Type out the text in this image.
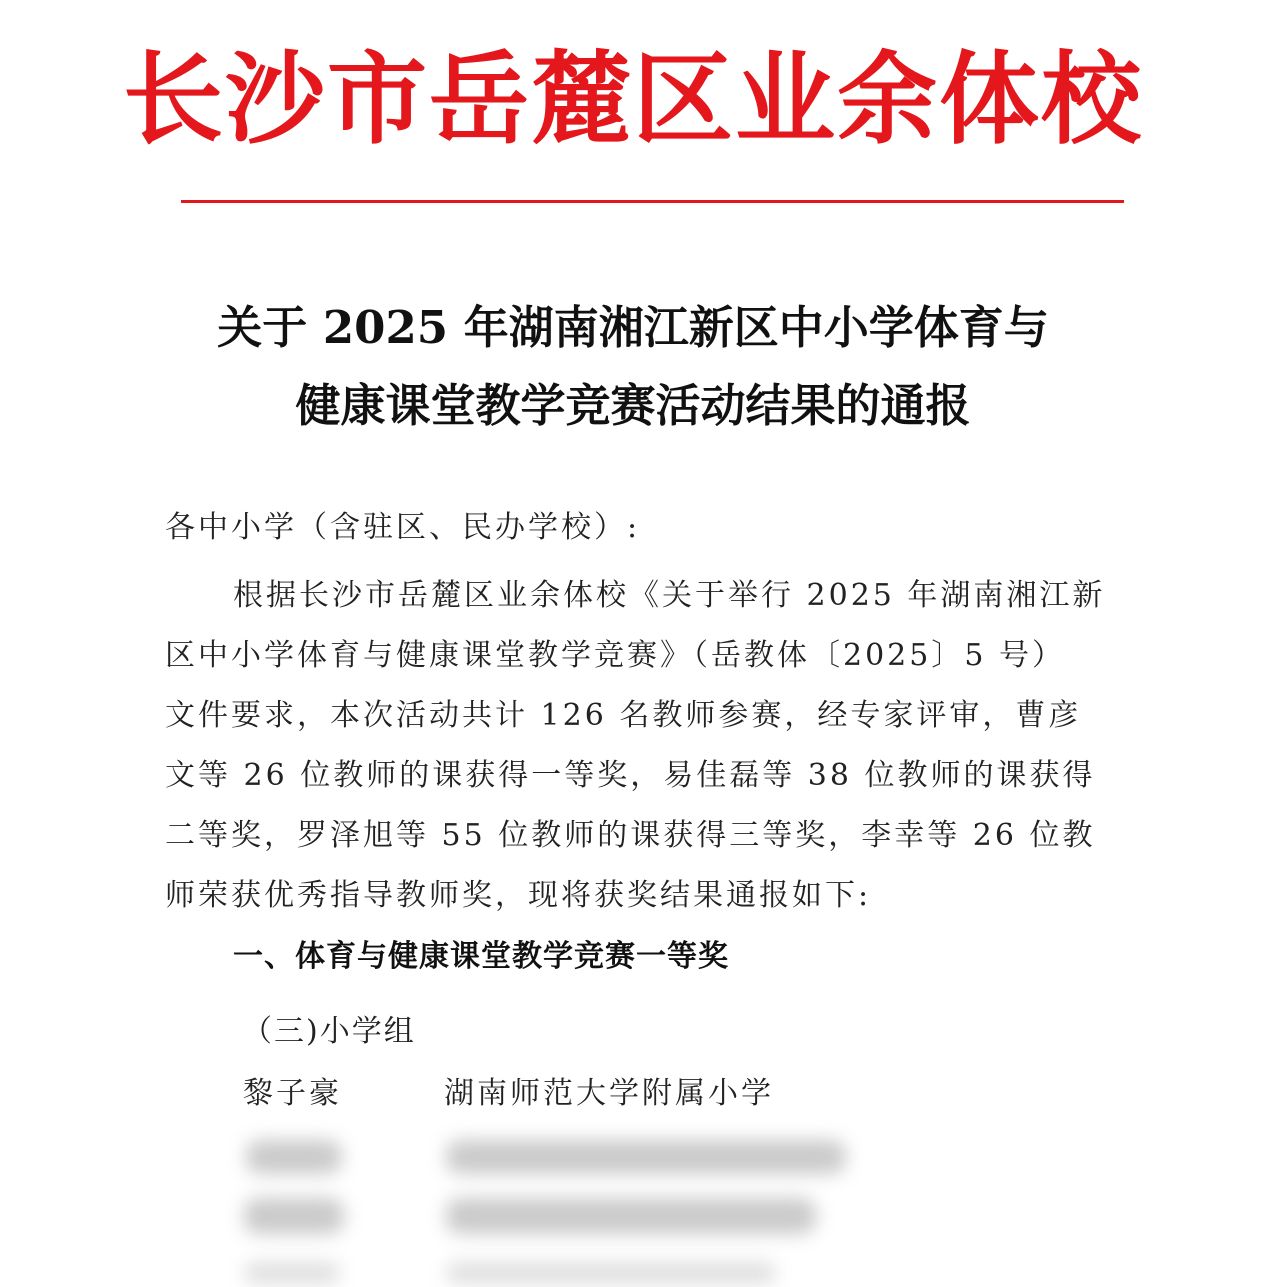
长沙市岳麓区业余体校
关于 2025 年湖南湘江新区中小学体育与
健康课堂教学竞赛活动结果的通报
各中小学（含驻区、民办学校）:
根据长沙市岳麓区业余体校《关于举行 2025 年湖南湘江新
区中小学体育与健康课堂教学竞赛》（岳教体〔2025〕5 号）
文件要求，本次活动共计 126 名教师参赛，经专家评审，曹彦
文等 26 位教师的课获得一等奖，易佳磊等 38 位教师的课获得
二等奖，罗泽旭等 55 位教师的课获得三等奖，李幸等 26 位教
师荣获优秀指导教师奖，现将获奖结果通报如下:
一、体育与健康课堂教学竞赛一等奖
（三)小学组
黎子豪	湖南师范大学附属小学
